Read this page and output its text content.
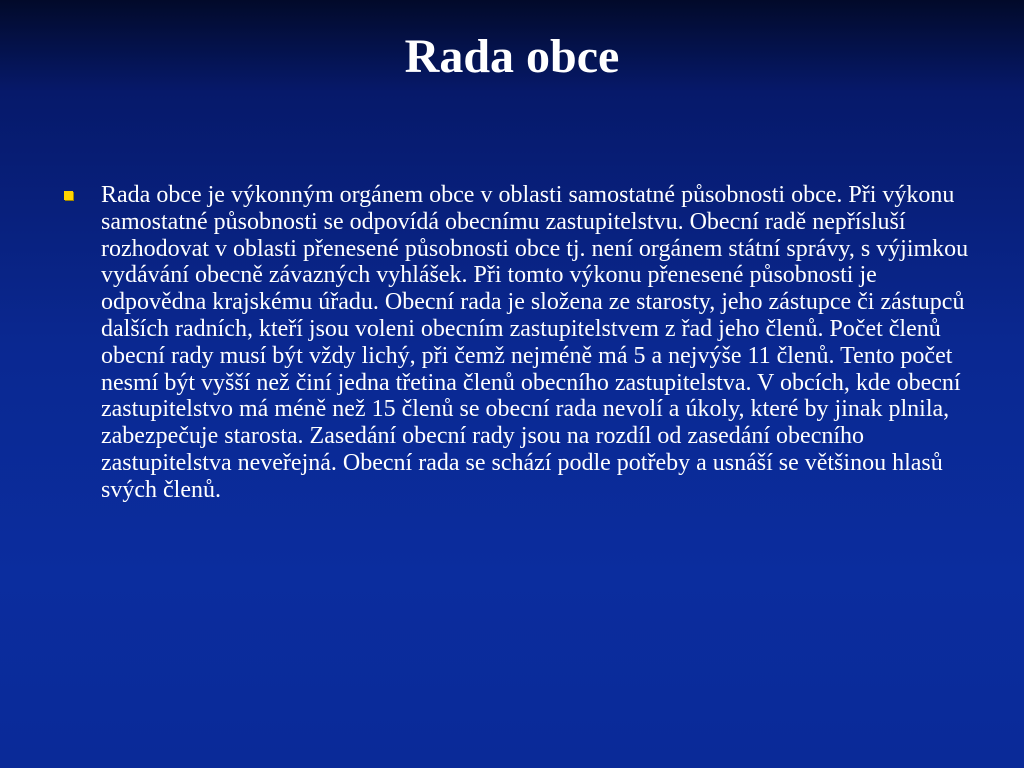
Rada obce
Rada obce je výkonným orgánem obce v oblasti samostatné působnosti obce. Při výkonu samostatné působnosti se odpovídá obecnímu zastupitelstvu. Obecní radě nepřísluší rozhodovat v oblasti přenesené působnosti obce tj. není orgánem státní správy, s výjimkou vydávání obecně závazných vyhlášek. Při tomto výkonu přenesené působnosti je odpovědna krajskému úřadu. Obecní rada je složena ze starosty, jeho zástupce či zástupců dalších radních, kteří jsou voleni obecním zastupitelstvem z řad jeho členů. Počet členů obecní rady musí být vždy lichý, při čemž nejméně má 5 a nejvýše 11 členů. Tento počet nesmí být vyšší než činí jedna třetina členů obecního zastupitelstva. V obcích, kde obecní zastupitelstvo má méně než 15 členů se obecní rada nevolí a úkoly, které by jinak plnila, zabezpečuje starosta. Zasedání obecní rady jsou na rozdíl od zasedání obecního zastupitelstva neveřejná. Obecní rada se schází podle potřeby a usnáší se většinou hlasů svých členů.
